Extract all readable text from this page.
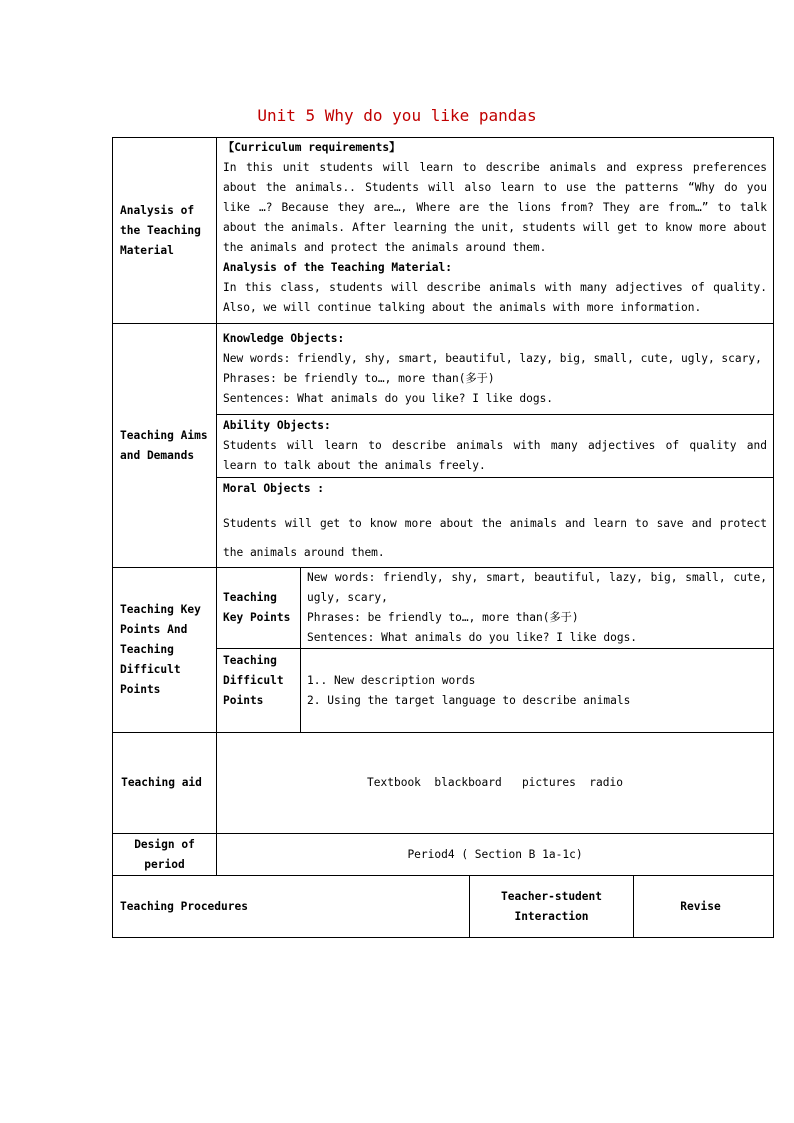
Unit 5 Why do you like pandas

Analysis of the Teaching Material	【Curriculum requirements】

In this unit students will learn to describe animals and express preferences about the animals.. Students will also learn to use the patterns “Why do you like …? Because they are…, Where are the lions from? They are from…” to talk about the animals. After learning the unit, students will get to know more about the animals and protect the animals around them.

Analysis of the Teaching Material:

In this class, students will describe animals with many adjectives of quality. Also, we will continue talking about the animals with more information.			

Teaching Aims and Demands	Knowledge Objects:

New words: friendly, shy, smart, beautiful, lazy, big, small, cute, ugly, scary,

Phrases: be friendly to…, more than(多于)

Sentences: What animals do you like? I like dogs.			

	Ability Objects:

Students will learn to describe animals with many adjectives of quality and learn to talk about the animals freely.			

	Moral Objects :

Students will get to know more about the animals and learn to save and protect the animals around them.			

Teaching Key Points And Teaching Difficult Points	Teaching Key Points	New words: friendly, shy, smart, beautiful, lazy, big, small, cute, ugly, scary,

Phrases: be friendly to…, more than(多于)

Sentences: What animals do you like? I like dogs.		

	Teaching Difficult Points	1.. New description words

2. Using the target language to describe animals		

Teaching aid	Textbook  blackboard   pictures  radio			

Design of period	Period4 ( Section B 1a-1c)			

Teaching Procedures			Teacher-student Interaction	Revise
